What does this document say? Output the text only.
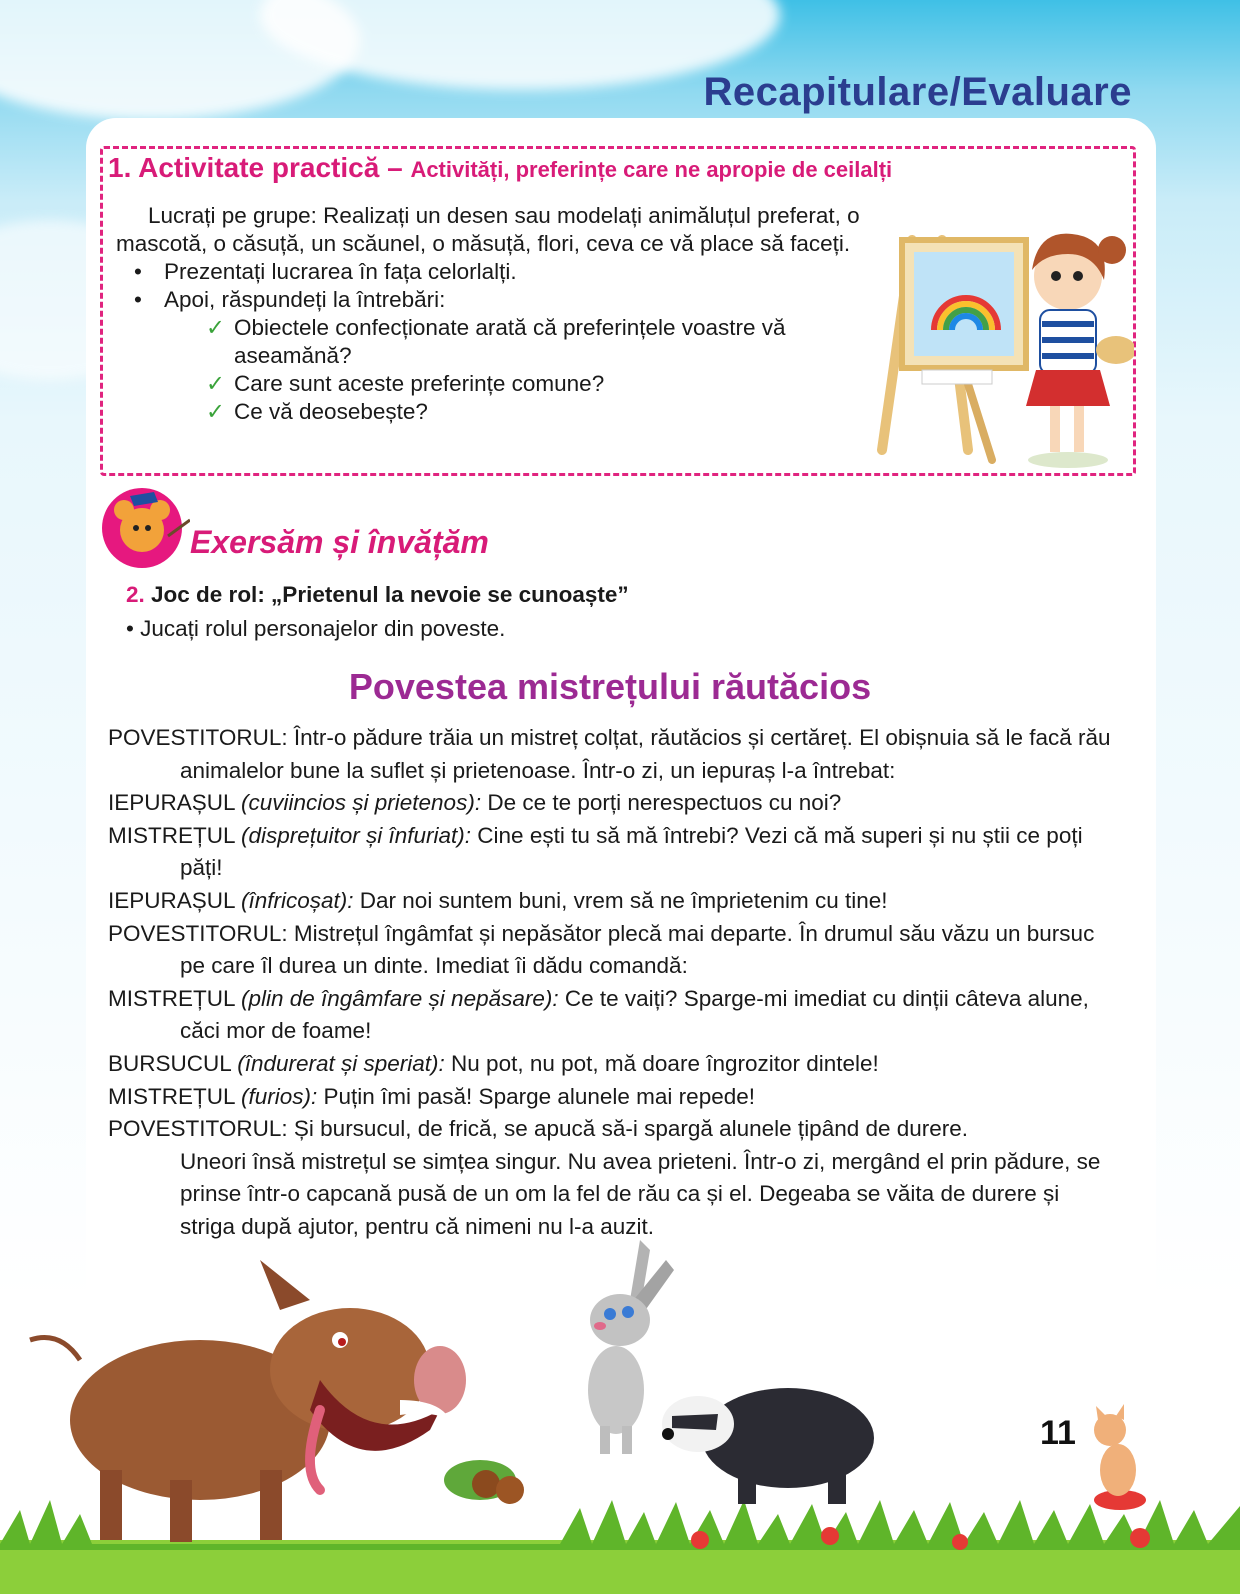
Recapitulare/Evaluare
1. Activitate practică – Activități, preferințe care ne apropie de ceilalți

Lucrați pe grupe: Realizați un desen sau modelați animăluțul preferat, o mascotă, o căsuță, un scăunel, o măsuță, flori, ceva ce vă place să faceți.

• Prezentați lucrarea în fața celorlalți.
• Apoi, răspundeți la întrebări:
✓ Obiectele confecționate arată că preferințele voastre vă aseamănă?
✓ Care sunt aceste preferințe comune?
✓ Ce vă deosebește?
Exersăm și învățăm
2. Joc de rol: „Prietenul la nevoie se cunoaște”
• Jucați rolul personajelor din poveste.
Povestea mistrețului răutăcios

POVESTITORUL: Într-o pădure trăia un mistreț colțat, răutăcios și certăreț. El obișnuia să le facă rău animalelor bune la suflet și prietenoase. Într-o zi, un iepuraș l-a întrebat:

IEPURAȘUL (cuviincios și prietenos): De ce te porți nerespectuos cu noi?

MISTREȚUL (disprețuitor și înfuriat): Cine ești tu să mă întrebi? Vezi că mă superi și nu știi ce poți păți!

IEPURAȘUL (înfricoșat): Dar noi suntem buni, vrem să ne împrietenim cu tine!

POVESTITORUL: Mistrețul îngâmfat și nepăsător plecă mai departe. În drumul său văzu un bursuc pe care îl durea un dinte. Imediat îi dădu comandă:

MISTREȚUL (plin de îngâmfare și nepăsare): Ce te vaiți? Sparge-mi imediat cu dinții câteva alune, căci mor de foame!

BURSUCUL (îndurerat și speriat): Nu pot, nu pot, mă doare îngrozitor dintele!

MISTREȚUL (furios): Puțin îmi pasă! Sparge alunele mai repede!

POVESTITORUL: Și bursucul, de frică, se apucă să-i spargă alunele țipând de durere.

Uneori însă mistrețul se simțea singur. Nu avea prieteni. Într-o zi, mergând el prin pădure, se prinse într-o capcană pusă de un om la fel de rău ca și el. Degeaba se văita de durere și striga după ajutor, pentru că nimeni nu l-a auzit.

11
